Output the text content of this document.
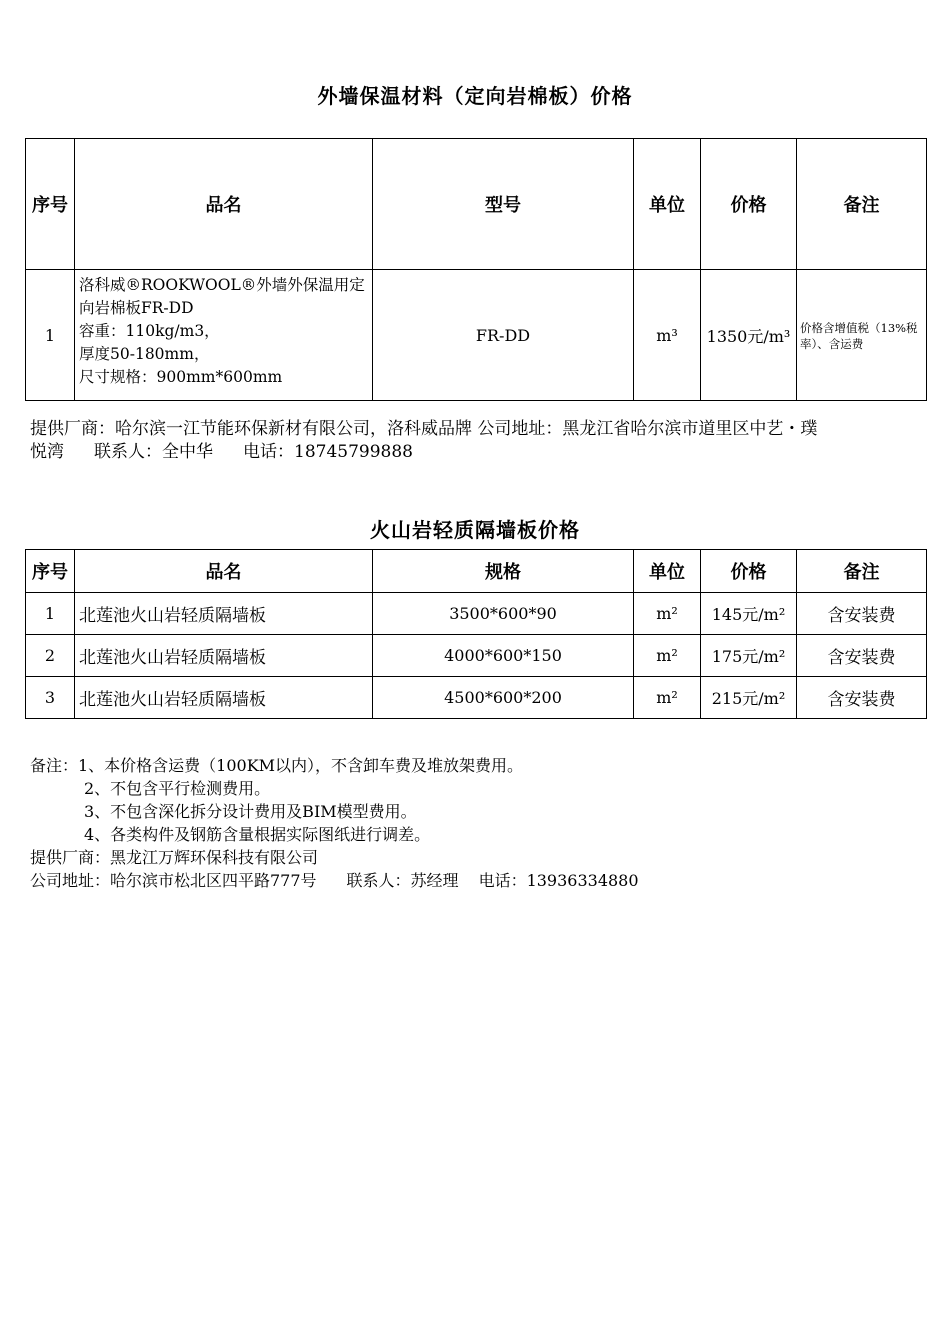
外墙保温材料（定向岩棉板）价格
序号	品名	型号	单位	价格	备注
1	洛科威®ROOKWOOL®外墙外保温用定
向岩棉板FR-DD
容重：110kg/m3，
厚度50-180mm，
尺寸规格：900mm*600mm	FR-DD	m³	1350元/m³	价格含增值税（13%税率）、含运费
提供厂商：哈尔滨一江节能环保新材有限公司，洛科威品牌 公司地址：黑龙江省哈尔滨市道里区中艺・璞
悦湾 联系人：全中华 电话：18745799888
火山岩轻质隔墙板价格
序号	品名	规格	单位	价格	备注
1	北莲池火山岩轻质隔墙板	3500*600*90	m²	145元/m²	含安装费
2	北莲池火山岩轻质隔墙板	4000*600*150	m²	175元/m²	含安装费
3	北莲池火山岩轻质隔墙板	4500*600*200	m²	215元/m²	含安装费
备注：1、本价格含运费（100KM以内），不含卸车费及堆放架费用。
2、不包含平行检测费用。
3、不包含深化拆分设计费用及BIM模型费用。
4、各类构件及钢筋含量根据实际图纸进行调差。
提供厂商：黑龙江万辉环保科技有限公司
公司地址：哈尔滨市松北区四平路777号 联系人：苏经理 电话：13936334880
